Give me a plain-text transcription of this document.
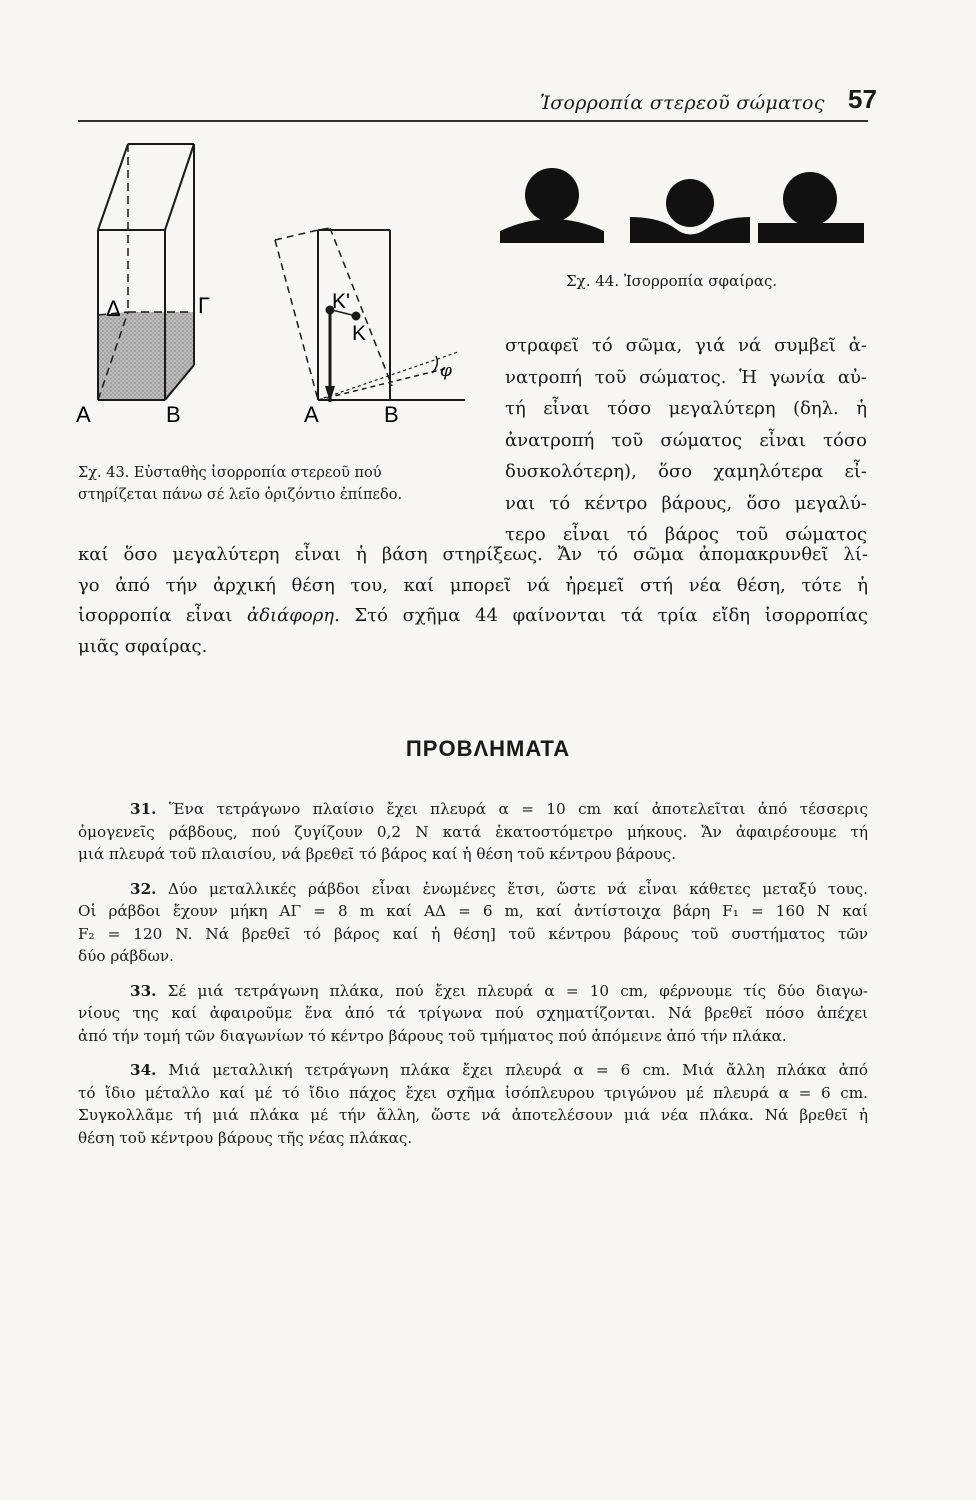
Ἰσορροπία στερεοῦ σώματος 57
Δ	Γ
Α	Β
Κ'
Κ
φ
Α	Β
Σχ. 44. Ἰσορροπία σφαίρας.
Σχ. 43. Εὐσταθὴς ἰσορροπία στερεοῦ πού
στηρίζεται πάνω σέ λεῖο ὁριζόντιο ἐπίπεδο.
στραφεῖ τό σῶμα, γιά νά συμβεῖ ἀ-
νατροπή τοῦ σώματος. Ἡ γωνία αὐ-
τή εἶναι τόσο μεγαλύτερη (δηλ. ἡ
ἀνατροπή τοῦ σώματος εἶναι τόσο
δυσκολότερη), ὅσο χαμηλότερα εἶ-
ναι τό κέντρο βάρους, ὅσο μεγαλύ-
τερο εἶναι τό βάρος τοῦ σώματος
καί ὅσο μεγαλύτερη εἶναι ἡ βάση στηρίξεως. Ἄν τό σῶμα ἀπομακρυνθεῖ λί-
γο ἀπό τήν ἀρχική θέση του, καί μπορεῖ νά ἠρεμεῖ στή νέα θέση, τότε ἡ
ἰσορροπία εἶναι ἀδιάφορη. Στό σχῆμα 44 φαίνονται τά τρία εἴδη ἰσορροπίας
μιᾶς σφαίρας.
ΠΡΟΒΛΗΜΑΤΑ
31. Ἕνα τετράγωνο πλαίσιο ἔχει πλευρά α = 10 cm καί ἀποτελεῖται ἀπό τέσσερις
ὁμογενεῖς ράβδους, πού ζυγίζουν 0,2 Ν κατά ἑκατοστόμετρο μήκους. Ἄν ἀφαιρέσουμε τή
μιά πλευρά τοῦ πλαισίου, νά βρεθεῖ τό βάρος καί ἡ θέση τοῦ κέντρου βάρους.
32. Δύο μεταλλικές ράβδοι εἶναι ἑνωμένες ἔτσι, ὥστε νά εἶναι κάθετες μεταξύ τους.
Οἱ ράβδοι ἔχουν μήκη ΑΓ = 8 m καί ΑΔ = 6 m, καί ἀντίστοιχα βάρη F₁ = 160 N καί
F₂ = 120 N. Νά βρεθεῖ τό βάρος καί ἡ θέση] τοῦ κέντρου βάρους τοῦ συστήματος τῶν
δύο ράβδων.
33. Σέ μιά τετράγωνη πλάκα, πού ἔχει πλευρά α = 10 cm, φέρνουμε τίς δύο διαγω-
νίους της καί ἀφαιροῦμε ἕνα ἀπό τά τρίγωνα πού σχηματίζονται. Νά βρεθεῖ πόσο ἀπέχει
ἀπό τήν τομή τῶν διαγωνίων τό κέντρο βάρους τοῦ τμήματος πού ἀπόμεινε ἀπό τήν πλάκα.
34. Μιά μεταλλική τετράγωνη πλάκα ἔχει πλευρά α = 6 cm. Μιά ἄλλη πλάκα ἀπό
τό ἴδιο μέταλλο καί μέ τό ἴδιο πάχος ἔχει σχῆμα ἰσόπλευρου τριγώνου μέ πλευρά α = 6 cm.
Συγκολλᾶμε τή μιά πλάκα μέ τήν ἄλλη, ὥστε νά ἀποτελέσουν μιά νέα πλάκα. Νά βρεθεῖ ἡ
θέση τοῦ κέντρου βάρους τῆς νέας πλάκας.
